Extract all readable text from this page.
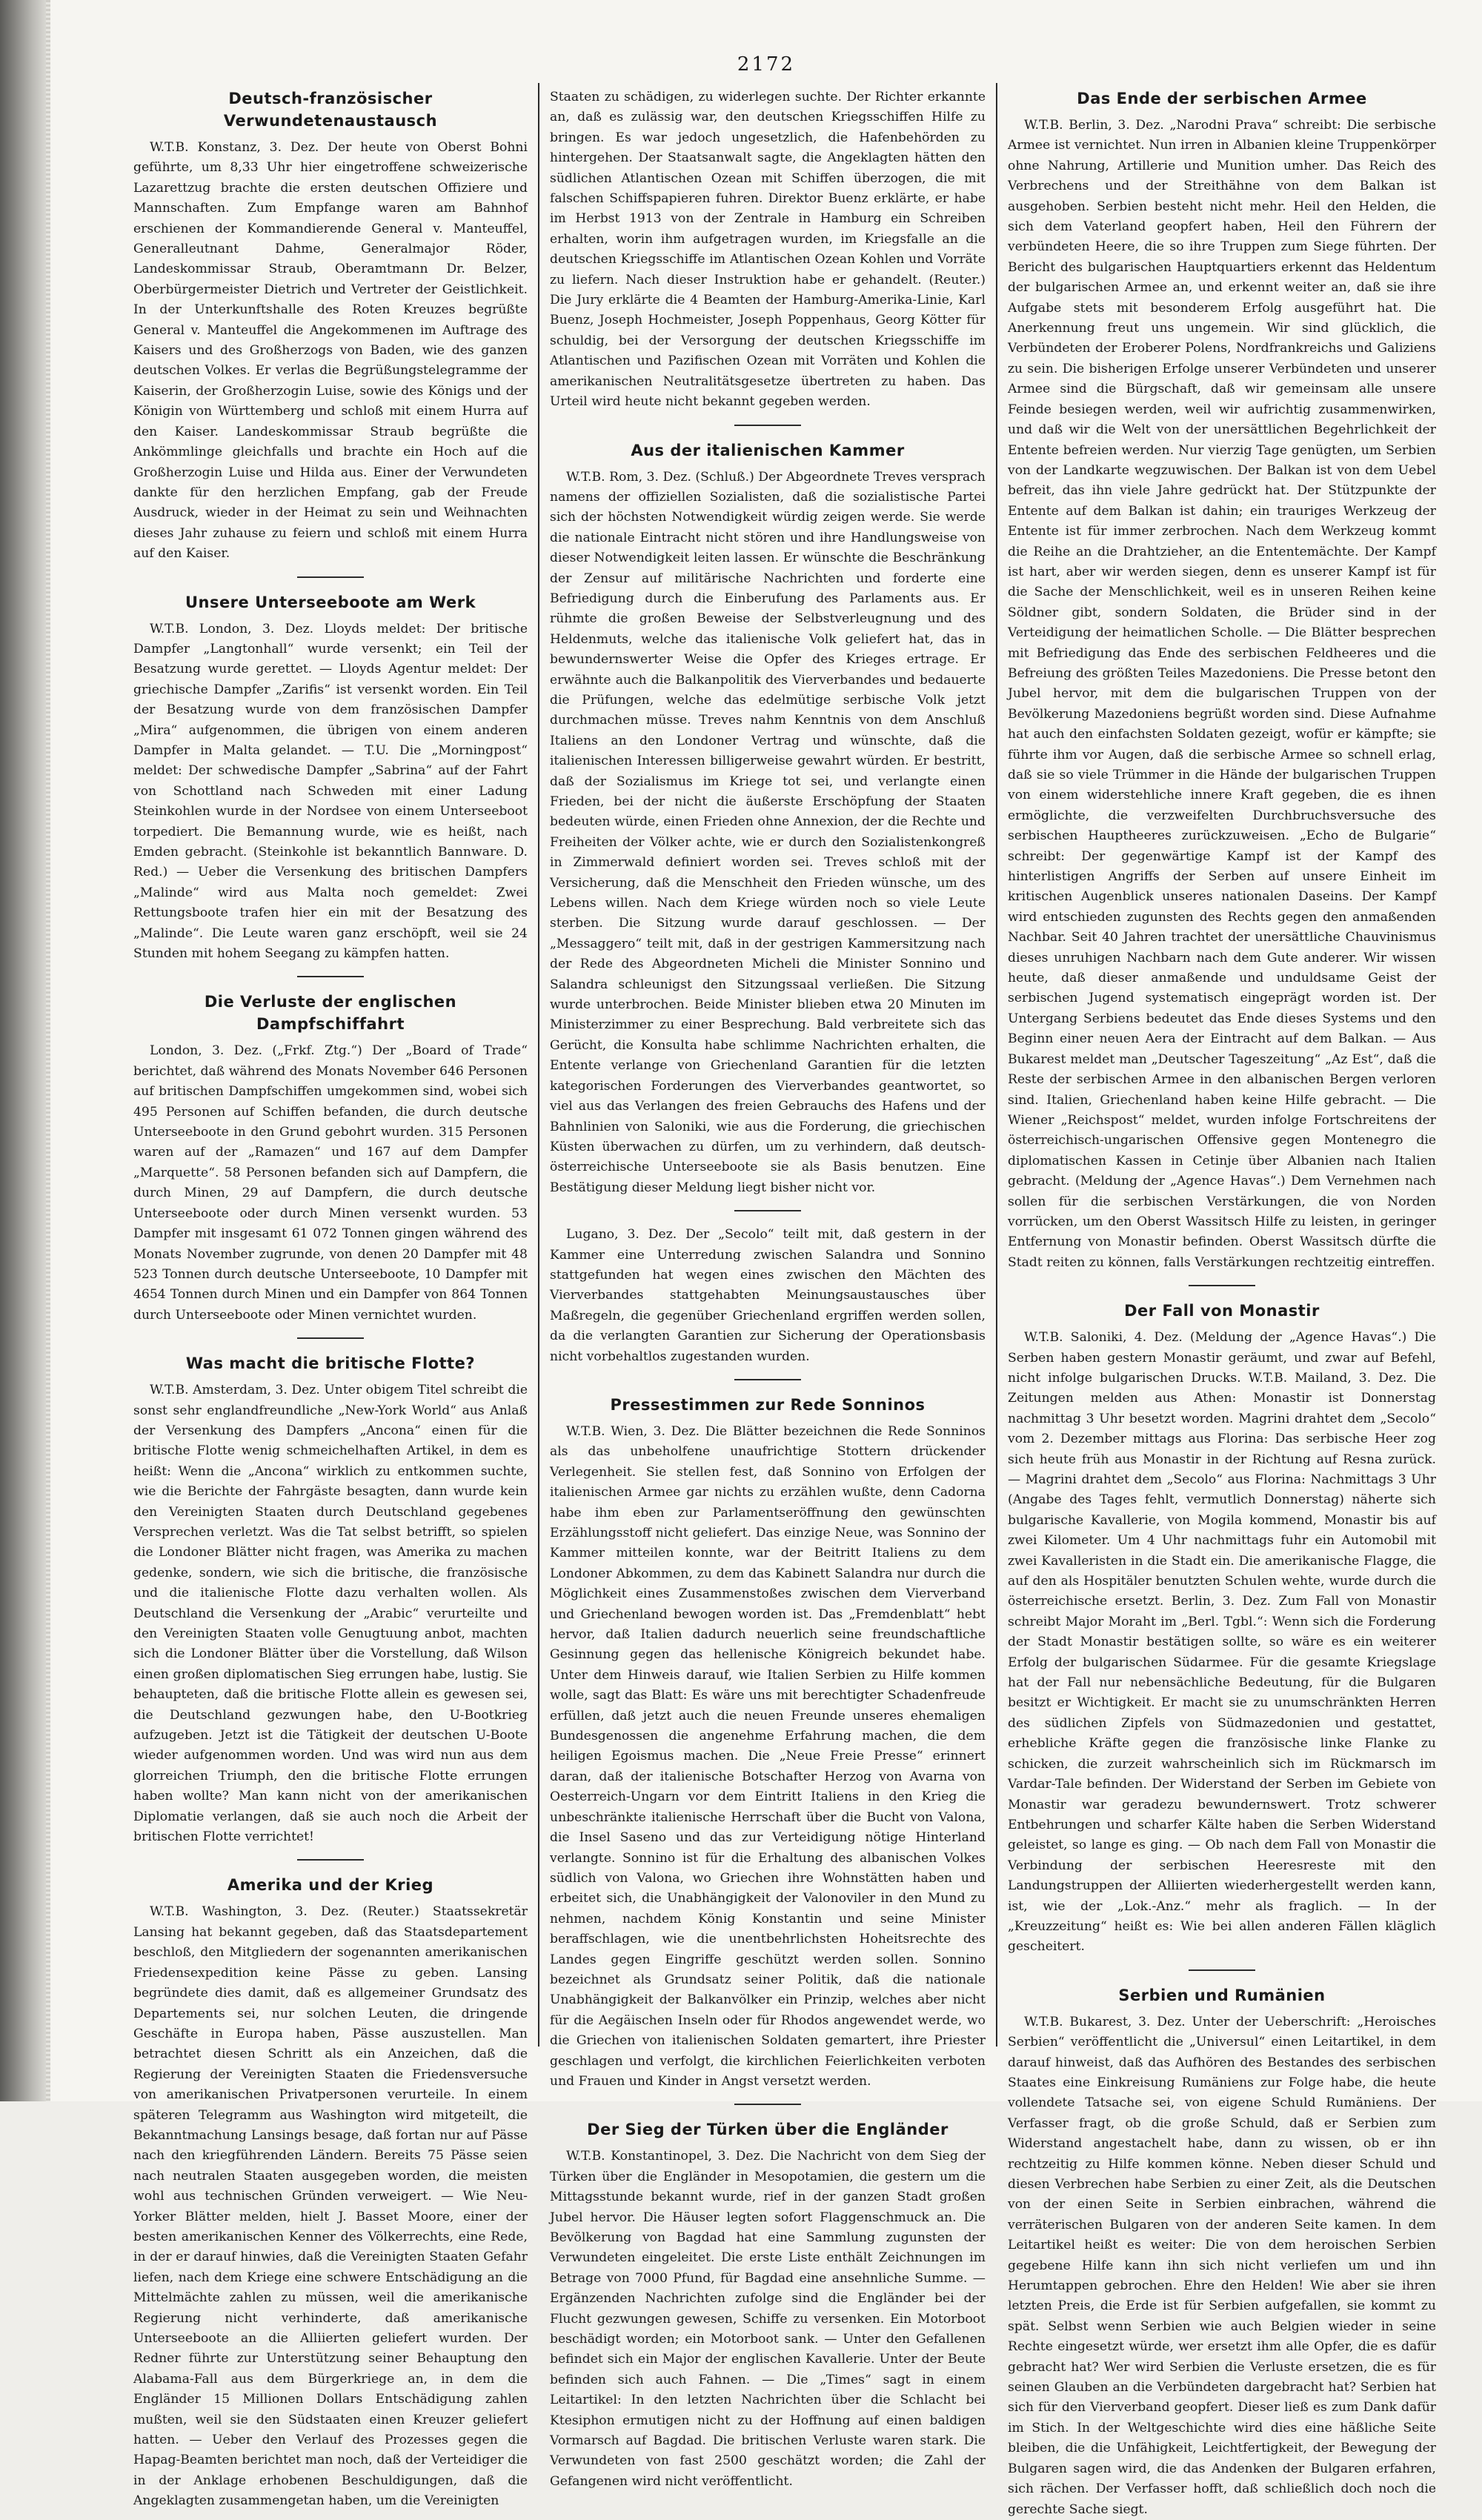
2172
Deutsch-französischer Verwundetenaustausch

W.T.B. Konstanz, 3. Dez. Der heute von Oberst Bohni geführte, um 8,33 Uhr hier eingetroffene schweizerische Lazarettzug brachte die ersten deutschen Offiziere und Mannschaften. Zum Empfange waren am Bahnhof erschienen der Kommandierende General v. Manteuffel, Generalleutnant Dahme, Generalmajor Röder, Landeskommissar Straub, Oberamtmann Dr. Belzer, Oberbürgermeister Dietrich und Vertreter der Geistlichkeit. In der Unterkunftshalle des Roten Kreuzes begrüßte General v. Manteuffel die Angekommenen im Auftrage des Kaisers und des Großherzogs von Baden, wie des ganzen deutschen Volkes. Er verlas die Begrüßungstelegramme der Kaiserin, der Großherzogin Luise, sowie des Königs und der Königin von Württemberg und schloß mit einem Hurra auf den Kaiser. Landeskommissar Straub begrüßte die Ankömmlinge gleichfalls und brachte ein Hoch auf die Großherzogin Luise und Hilda aus. Einer der Verwundeten dankte für den herzlichen Empfang, gab der Freude Ausdruck, wieder in der Heimat zu sein und Weihnachten dieses Jahr zuhause zu feiern und schloß mit einem Hurra auf den Kaiser.

Unsere Unterseeboote am Werk

W.T.B. London, 3. Dez. Lloyds meldet: Der britische Dampfer „Langtonhall“ wurde versenkt; ein Teil der Besatzung wurde gerettet. — Lloyds Agentur meldet: Der griechische Dampfer „Zarifis“ ist versenkt worden. Ein Teil der Besatzung wurde von dem französischen Dampfer „Mira“ aufgenommen, die übrigen von einem anderen Dampfer in Malta gelandet. — T.U. Die „Morningpost“ meldet: Der schwedische Dampfer „Sabrina“ auf der Fahrt von Schottland nach Schweden mit einer Ladung Steinkohlen wurde in der Nordsee von einem Unterseeboot torpediert. Die Bemannung wurde, wie es heißt, nach Emden gebracht. (Steinkohle ist bekanntlich Bannware. D. Red.) — Ueber die Versenkung des britischen Dampfers „Malinde“ wird aus Malta noch gemeldet: Zwei Rettungsboote trafen hier ein mit der Besatzung des „Malinde“. Die Leute waren ganz erschöpft, weil sie 24 Stunden mit hohem Seegang zu kämpfen hatten.

Die Verluste der englischen Dampfschiffahrt

London, 3. Dez. („Frkf. Ztg.“) Der „Board of Trade“ berichtet, daß während des Monats November 646 Personen auf britischen Dampfschiffen umgekommen sind, wobei sich 495 Personen auf Schiffen befanden, die durch deutsche Unterseeboote in den Grund gebohrt wurden. 315 Personen waren auf der „Ramazen“ und 167 auf dem Dampfer „Marquette“. 58 Personen befanden sich auf Dampfern, die durch Minen, 29 auf Dampfern, die durch deutsche Unterseeboote oder durch Minen versenkt wurden. 53 Dampfer mit insgesamt 61 072 Tonnen gingen während des Monats November zugrunde, von denen 20 Dampfer mit 48 523 Tonnen durch deutsche Unterseeboote, 10 Dampfer mit 4654 Tonnen durch Minen und ein Dampfer von 864 Tonnen durch Unterseeboote oder Minen vernichtet wurden.

Was macht die britische Flotte?

W.T.B. Amsterdam, 3. Dez. Unter obigem Titel schreibt die sonst sehr englandfreundliche „New-York World“ aus Anlaß der Versenkung des Dampfers „Ancona“ einen für die britische Flotte wenig schmeichelhaften Artikel, in dem es heißt: Wenn die „Ancona“ wirklich zu entkommen suchte, wie die Berichte der Fahrgäste besagten, dann wurde kein den Vereinigten Staaten durch Deutschland gegebenes Versprechen verletzt. Was die Tat selbst betrifft, so spielen die Londoner Blätter nicht fragen, was Amerika zu machen gedenke, sondern, wie sich die britische, die französische und die italienische Flotte dazu verhalten wollen. Als Deutschland die Versenkung der „Arabic“ verurteilte und den Vereinigten Staaten volle Genugtuung anbot, machten sich die Londoner Blätter über die Vorstellung, daß Wilson einen großen diplomatischen Sieg errungen habe, lustig. Sie behaupteten, daß die britische Flotte allein es gewesen sei, die Deutschland gezwungen habe, den U-Bootkrieg aufzugeben. Jetzt ist die Tätigkeit der deutschen U-Boote wieder aufgenommen worden. Und was wird nun aus dem glorreichen Triumph, den die britische Flotte errungen haben wollte? Man kann nicht von der amerikanischen Diplomatie verlangen, daß sie auch noch die Arbeit der britischen Flotte verrichtet!

Amerika und der Krieg

W.T.B. Washington, 3. Dez. (Reuter.) Staatssekretär Lansing hat bekannt gegeben, daß das Staatsdepartement beschloß, den Mitgliedern der sogenannten amerikanischen Friedensexpedition keine Pässe zu geben. Lansing begründete dies damit, daß es allgemeiner Grundsatz des Departements sei, nur solchen Leuten, die dringende Geschäfte in Europa haben, Pässe auszustellen. Man betrachtet diesen Schritt als ein Anzeichen, daß die Regierung der Vereinigten Staaten die Friedensversuche von amerikanischen Privatpersonen verurteile. In einem späteren Telegramm aus Washington wird mitgeteilt, die Bekanntmachung Lansings besage, daß fortan nur auf Pässe nach den kriegführenden Ländern. Bereits 75 Pässe seien nach neutralen Staaten ausgegeben worden, die meisten wohl aus technischen Gründen verweigert. — Wie Neu-Yorker Blätter melden, hielt J. Basset Moore, einer der besten amerikanischen Kenner des Völkerrechts, eine Rede, in der er darauf hinwies, daß die Vereinigten Staaten Gefahr liefen, nach dem Kriege eine schwere Entschädigung an die Mittelmächte zahlen zu müssen, weil die amerikanische Regierung nicht verhinderte, daß amerikanische Unterseeboote an die Alliierten geliefert wurden. Der Redner führte zur Unterstützung seiner Behauptung den Alabama-Fall aus dem Bürgerkriege an, in dem die Engländer 15 Millionen Dollars Entschädigung zahlen mußten, weil sie den Südstaaten einen Kreuzer geliefert hatten. — Ueber den Verlauf des Prozesses gegen die Hapag-Beamten berichtet man noch, daß der Verteidiger die in der Anklage erhobenen Beschuldigungen, daß die Angeklagten zusammengetan haben, um die Vereinigten

Staaten zu schädigen, zu widerlegen suchte. Der Richter erkannte an, daß es zulässig war, den deutschen Kriegsschiffen Hilfe zu bringen. Es war jedoch ungesetzlich, die Hafenbehörden zu hintergehen. Der Staatsanwalt sagte, die Angeklagten hätten den südlichen Atlantischen Ozean mit Schiffen überzogen, die mit falschen Schiffspapieren fuhren. Direktor Buenz erklärte, er habe im Herbst 1913 von der Zentrale in Hamburg ein Schreiben erhalten, worin ihm aufgetragen wurden, im Kriegsfalle an die deutschen Kriegsschiffe im Atlantischen Ozean Kohlen und Vorräte zu liefern. Nach dieser Instruktion habe er gehandelt. (Reuter.) Die Jury erklärte die 4 Beamten der Hamburg-Amerika-Linie, Karl Buenz, Joseph Hochmeister, Joseph Poppenhaus, Georg Kötter für schuldig, bei der Versorgung der deutschen Kriegsschiffe im Atlantischen und Pazifischen Ozean mit Vorräten und Kohlen die amerikanischen Neutralitätsgesetze übertreten zu haben. Das Urteil wird heute nicht bekannt gegeben werden.

Aus der italienischen Kammer

W.T.B. Rom, 3. Dez. (Schluß.) Der Abgeordnete Treves versprach namens der offiziellen Sozialisten, daß die sozialistische Partei sich der höchsten Notwendigkeit würdig zeigen werde. Sie werde die nationale Eintracht nicht stören und ihre Handlungsweise von dieser Notwendigkeit leiten lassen. Er wünschte die Beschränkung der Zensur auf militärische Nachrichten und forderte eine Befriedigung durch die Einberufung des Parlaments aus. Er rühmte die großen Beweise der Selbstverleugnung und des Heldenmuts, welche das italienische Volk geliefert hat, das in bewundernswerter Weise die Opfer des Krieges ertrage. Er erwähnte auch die Balkanpolitik des Vierverbandes und bedauerte die Prüfungen, welche das edelmütige serbische Volk jetzt durchmachen müsse. Treves nahm Kenntnis von dem Anschluß Italiens an den Londoner Vertrag und wünschte, daß die italienischen Interessen billigerweise gewahrt würden. Er bestritt, daß der Sozialismus im Kriege tot sei, und verlangte einen Frieden, bei der nicht die äußerste Erschöpfung der Staaten bedeuten würde, einen Frieden ohne Annexion, der die Rechte und Freiheiten der Völker achte, wie er durch den Sozialistenkongreß in Zimmerwald definiert worden sei. Treves schloß mit der Versicherung, daß die Menschheit den Frieden wünsche, um des Lebens willen. Nach dem Kriege würden noch so viele Leute sterben. Die Sitzung wurde darauf geschlossen. — Der „Messaggero“ teilt mit, daß in der gestrigen Kammersitzung nach der Rede des Abgeordneten Micheli die Minister Sonnino und Salandra schleunigst den Sitzungssaal verließen. Die Sitzung wurde unterbrochen. Beide Minister blieben etwa 20 Minuten im Ministerzimmer zu einer Besprechung. Bald verbreitete sich das Gerücht, die Konsulta habe schlimme Nachrichten erhalten, die Entente verlange von Griechenland Garantien für die letzten kategorischen Forderungen des Vierverbandes geantwortet, so viel aus das Verlangen des freien Gebrauchs des Hafens und der Bahnlinien von Saloniki, wie aus die Forderung, die griechischen Küsten überwachen zu dürfen, um zu verhindern, daß deutsch-österreichische Unterseeboote sie als Basis benutzen. Eine Bestätigung dieser Meldung liegt bisher nicht vor.

Lugano, 3. Dez. Der „Secolo“ teilt mit, daß gestern in der Kammer eine Unterredung zwischen Salandra und Sonnino stattgefunden hat wegen eines zwischen den Mächten des Vierverbandes stattgehabten Meinungsaustausches über Maßregeln, die gegenüber Griechenland ergriffen werden sollen, da die verlangten Garantien zur Sicherung der Operationsbasis nicht vorbehaltlos zugestanden wurden.

Pressestimmen zur Rede Sonninos

W.T.B. Wien, 3. Dez. Die Blätter bezeichnen die Rede Sonninos als das unbeholfene unaufrichtige Stottern drückender Verlegenheit. Sie stellen fest, daß Sonnino von Erfolgen der italienischen Armee gar nichts zu erzählen wußte, denn Cadorna habe ihm eben zur Parlamentseröffnung den gewünschten Erzählungsstoff nicht geliefert. Das einzige Neue, was Sonnino der Kammer mitteilen konnte, war der Beitritt Italiens zu dem Londoner Abkommen, zu dem das Kabinett Salandra nur durch die Möglichkeit eines Zusammenstoßes zwischen dem Vierverband und Griechenland bewogen worden ist. Das „Fremdenblatt“ hebt hervor, daß Italien dadurch neuerlich seine freundschaftliche Gesinnung gegen das hellenische Königreich bekundet habe. Unter dem Hinweis darauf, wie Italien Serbien zu Hilfe kommen wolle, sagt das Blatt: Es wäre uns mit berechtigter Schadenfreude erfüllen, daß jetzt auch die neuen Freunde unseres ehemaligen Bundesgenossen die angenehme Erfahrung machen, die dem heiligen Egoismus machen. Die „Neue Freie Presse“ erinnert daran, daß der italienische Botschafter Herzog von Avarna von Oesterreich-Ungarn vor dem Eintritt Italiens in den Krieg die unbeschränkte italienische Herrschaft über die Bucht von Valona, die Insel Saseno und das zur Verteidigung nötige Hinterland verlangte. Sonnino ist für die Erhaltung des albanischen Volkes südlich von Valona, wo Griechen ihre Wohnstätten haben und erbeitet sich, die Unabhängigkeit der Valonoviler in den Mund zu nehmen, nachdem König Konstantin und seine Minister beraffschlagen, wie die unentbehrlichsten Hoheitsrechte des Landes gegen Eingriffe geschützt werden sollen. Sonnino bezeichnet als Grundsatz seiner Politik, daß die nationale Unabhängigkeit der Balkanvölker ein Prinzip, welches aber nicht für die Aegäischen Inseln oder für Rhodos angewendet werde, wo die Griechen von italienischen Soldaten gemartert, ihre Priester geschlagen und verfolgt, die kirchlichen Feierlichkeiten verboten und Frauen und Kinder in Angst versetzt werden.

Der Sieg der Türken über die Engländer

W.T.B. Konstantinopel, 3. Dez. Die Nachricht von dem Sieg der Türken über die Engländer in Mesopotamien, die gestern um die Mittagsstunde bekannt wurde, rief in der ganzen Stadt großen Jubel hervor. Die Häuser legten sofort Flaggenschmuck an. Die Bevölkerung von Bagdad hat eine Sammlung zugunsten der Verwundeten eingeleitet. Die erste Liste enthält Zeichnungen im Betrage von 7000 Pfund, für Bagdad eine ansehnliche Summe. — Ergänzenden Nachrichten zufolge sind die Engländer bei der Flucht gezwungen gewesen, Schiffe zu versenken. Ein Motorboot beschädigt worden; ein Motorboot sank. — Unter den Gefallenen befindet sich ein Major der englischen Kavallerie. Unter der Beute befinden sich auch Fahnen. — Die „Times“ sagt in einem Leitartikel: In den letzten Nachrichten über die Schlacht bei Ktesiphon ermutigen nicht zu der Hoffnung auf einen baldigen Vormarsch auf Bagdad. Die britischen Verluste waren stark. Die Verwundeten von fast 2500 geschätzt worden; die Zahl der Gefangenen wird nicht veröffentlicht.

Das Ende der serbischen Armee

W.T.B. Berlin, 3. Dez. „Narodni Prava“ schreibt: Die serbische Armee ist vernichtet. Nun irren in Albanien kleine Truppenkörper ohne Nahrung, Artillerie und Munition umher. Das Reich des Verbrechens und der Streithähne von dem Balkan ist ausgehoben. Serbien besteht nicht mehr. Heil den Helden, die sich dem Vaterland geopfert haben, Heil den Führern der verbündeten Heere, die so ihre Truppen zum Siege führten. Der Bericht des bulgarischen Hauptquartiers erkennt das Heldentum der bulgarischen Armee an, und erkennt weiter an, daß sie ihre Aufgabe stets mit besonderem Erfolg ausgeführt hat. Die Anerkennung freut uns ungemein. Wir sind glücklich, die Verbündeten der Eroberer Polens, Nordfrankreichs und Galiziens zu sein. Die bisherigen Erfolge unserer Verbündeten und unserer Armee sind die Bürgschaft, daß wir gemeinsam alle unsere Feinde besiegen werden, weil wir aufrichtig zusammenwirken, und daß wir die Welt von der unersättlichen Begehrlichkeit der Entente befreien werden. Nur vierzig Tage genügten, um Serbien von der Landkarte wegzuwischen. Der Balkan ist von dem Uebel befreit, das ihn viele Jahre gedrückt hat. Der Stützpunkte der Entente auf dem Balkan ist dahin; ein trauriges Werkzeug der Entente ist für immer zerbrochen. Nach dem Werkzeug kommt die Reihe an die Drahtzieher, an die Ententemächte. Der Kampf ist hart, aber wir werden siegen, denn es unserer Kampf ist für die Sache der Menschlichkeit, weil es in unseren Reihen keine Söldner gibt, sondern Soldaten, die Brüder sind in der Verteidigung der heimatlichen Scholle. — Die Blätter besprechen mit Befriedigung das Ende des serbischen Feldheeres und die Befreiung des größten Teiles Mazedoniens. Die Presse betont den Jubel hervor, mit dem die bulgarischen Truppen von der Bevölkerung Mazedoniens begrüßt worden sind. Diese Aufnahme hat auch den einfachsten Soldaten gezeigt, wofür er kämpfte; sie führte ihm vor Augen, daß die serbische Armee so schnell erlag, daß sie so viele Trümmer in die Hände der bulgarischen Truppen von einem widerstehliche innere Kraft gegeben, die es ihnen ermöglichte, die verzweifelten Durchbruchsversuche des serbischen Hauptheeres zurückzuweisen. „Echo de Bulgarie“ schreibt: Der gegenwärtige Kampf ist der Kampf des hinterlistigen Angriffs der Serben auf unsere Einheit im kritischen Augenblick unseres nationalen Daseins. Der Kampf wird entschieden zugunsten des Rechts gegen den anmaßenden Nachbar. Seit 40 Jahren trachtet der unersättliche Chauvinismus dieses unruhigen Nachbarn nach dem Gute anderer. Wir wissen heute, daß dieser anmaßende und unduldsame Geist der serbischen Jugend systematisch eingeprägt worden ist. Der Untergang Serbiens bedeutet das Ende dieses Systems und den Beginn einer neuen Aera der Eintracht auf dem Balkan. — Aus Bukarest meldet man „Deutscher Tageszeitung“ „Az Est“, daß die Reste der serbischen Armee in den albanischen Bergen verloren sind. Italien, Griechenland haben keine Hilfe gebracht. — Die Wiener „Reichspost“ meldet, wurden infolge Fortschreitens der österreichisch-ungarischen Offensive gegen Montenegro die diplomatischen Kassen in Cetinje über Albanien nach Italien gebracht. (Meldung der „Agence Havas“.) Dem Vernehmen nach sollen für die serbischen Verstärkungen, die von Norden vorrücken, um den Oberst Wassitsch Hilfe zu leisten, in geringer Entfernung von Monastir befinden. Oberst Wassitsch dürfte die Stadt reiten zu können, falls Verstärkungen rechtzeitig eintreffen.

Der Fall von Monastir

W.T.B. Saloniki, 4. Dez. (Meldung der „Agence Havas“.) Die Serben haben gestern Monastir geräumt, und zwar auf Befehl, nicht infolge bulgarischen Drucks. W.T.B. Mailand, 3. Dez. Die Zeitungen melden aus Athen: Monastir ist Donnerstag nachmittag 3 Uhr besetzt worden. Magrini drahtet dem „Secolo“ vom 2. Dezember mittags aus Florina: Das serbische Heer zog sich heute früh aus Monastir in der Richtung auf Resna zurück. — Magrini drahtet dem „Secolo“ aus Florina: Nachmittags 3 Uhr (Angabe des Tages fehlt, vermutlich Donnerstag) näherte sich bulgarische Kavallerie, von Mogila kommend, Monastir bis auf zwei Kilometer. Um 4 Uhr nachmittags fuhr ein Automobil mit zwei Kavalleristen in die Stadt ein. Die amerikanische Flagge, die auf den als Hospitäler benutzten Schulen wehte, wurde durch die österreichische ersetzt. Berlin, 3. Dez. Zum Fall von Monastir schreibt Major Moraht im „Berl. Tgbl.“: Wenn sich die Forderung der Stadt Monastir bestätigen sollte, so wäre es ein weiterer Erfolg der bulgarischen Südarmee. Für die gesamte Kriegslage hat der Fall nur nebensächliche Bedeutung, für die Bulgaren besitzt er Wichtigkeit. Er macht sie zu unumschränkten Herren des südlichen Zipfels von Südmazedonien und gestattet, erhebliche Kräfte gegen die französische linke Flanke zu schicken, die zurzeit wahrscheinlich sich im Rückmarsch im Vardar-Tale befinden. Der Widerstand der Serben im Gebiete von Monastir war geradezu bewundernswert. Trotz schwerer Entbehrungen und scharfer Kälte haben die Serben Widerstand geleistet, so lange es ging. — Ob nach dem Fall von Monastir die Verbindung der serbischen Heeresreste mit den Landungstruppen der Alliierten wiederhergestellt werden kann, ist, wie der „Lok.-Anz.“ mehr als fraglich. — In der „Kreuzzeitung“ heißt es: Wie bei allen anderen Fällen kläglich gescheitert.

Serbien und Rumänien

W.T.B. Bukarest, 3. Dez. Unter der Ueberschrift: „Heroisches Serbien“ veröffentlicht die „Universul“ einen Leitartikel, in dem darauf hinweist, daß das Aufhören des Bestandes des serbischen Staates eine Einkreisung Rumäniens zur Folge habe, die heute vollendete Tatsache sei, von eigene Schuld Rumäniens. Der Verfasser fragt, ob die große Schuld, daß er Serbien zum Widerstand angestachelt habe, dann zu wissen, ob er ihn rechtzeitig zu Hilfe kommen könne. Neben dieser Schuld und diesen Verbrechen habe Serbien zu einer Zeit, als die Deutschen von der einen Seite in Serbien einbrachen, während die verräterischen Bulgaren von der anderen Seite kamen. In dem Leitartikel heißt es weiter: Die von dem heroischen Serbien gegebene Hilfe kann ihn sich nicht verliefen um und ihn Herumtappen gebrochen. Ehre den Helden! Wie aber sie ihren letzten Preis, die Erde ist für Serbien aufgefallen, sie kommt zu spät. Selbst wenn Serbien wie auch Belgien wieder in seine Rechte eingesetzt würde, wer ersetzt ihm alle Opfer, die es dafür gebracht hat? Wer wird Serbien die Verluste ersetzen, die es für seinen Glauben an die Verbündeten dargebracht hat? Serbien hat sich für den Vierverband geopfert. Dieser ließ es zum Dank dafür im Stich. In der Weltgeschichte wird dies eine häßliche Seite bleiben, die die Unfähigkeit, Leichtfertigkeit, der Bewegung der Bulgaren sagen wird, die das Andenken der Bulgaren erfahren, sich rächen. Der Verfasser hofft, daß schließlich doch noch die gerechte Sache siegt.
